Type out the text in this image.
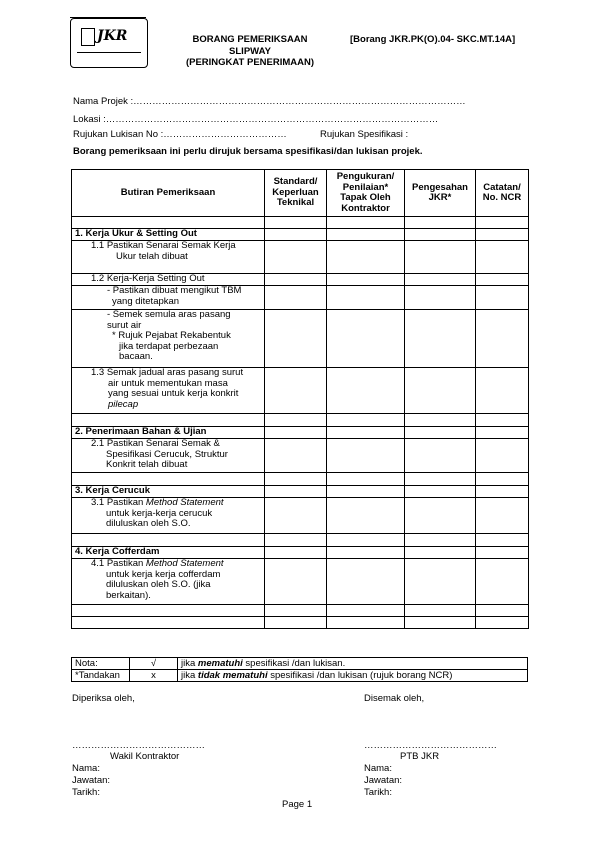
JKR	BORANG PEMERIKSAAN
SLIPWAY
(PERINGKAT PENERIMAAN)
[Borang JKR.PK(O).04- SKC.MT.14A]
Nama Projek :……………………………………………………………………………………………
Lokasi :……………………………………………………………………………………………
Rujukan Lukisan No :…………………………………	Rujukan Spesifikasi :
Borang pemeriksaan ini perlu dirujuk bersama spesifikasi/dan lukisan projek.
Butiran Pemeriksaan	Standard/ Keperluan Teknikal	Pengukuran/ Penilaian* Tapak Oleh Kontraktor	Pengesahan JKR*	Catatan/ No. NCR

1. Kerja Ukur & Setting Out				

1.1 Pastikan Senarai Semak Kerja
Ukur telah dibuat				

1.2 Kerja-Kerja Setting Out				

- Pastikan dibuat mengikut TBM
yang ditetapkan				

- Semek semula aras pasang
surut air
* Rujuk Pejabat Rekabentuk
jika terdapat perbezaan
bacaan.				

1.3 Semak jadual aras pasang surut
air untuk mementukan masa
yang sesuai untuk kerja konkrit
pilecap				

2. Penerimaan Bahan & Ujian				

2.1 Pastikan Senarai Semak &
Spesifikasi Cerucuk, Struktur
Konkrit telah dibuat				

3. Kerja Cerucuk				

3.1 Pastikan Method Statement
untuk kerja-kerja cerucuk
diluluskan oleh S.O.				

4. Kerja Cofferdam				

4.1 Pastikan Method Statement
untuk kerja kerja cofferdam
diluluskan oleh S.O. (jika
berkaitan).				

Nota:	√	jika mematuhi spesifikasi /dan lukisan.
*Tandakan	x	jika tidak mematuhi spesifikasi /dan lukisan (rujuk borang NCR)
Diperiksa oleh,	Disemak oleh,
……………………………………	……………………………………
Wakil Kontraktor	PTB JKR
Nama:
Jawatan:
Tarikh:
Nama:
Jawatan:
Tarikh:
Page 1
